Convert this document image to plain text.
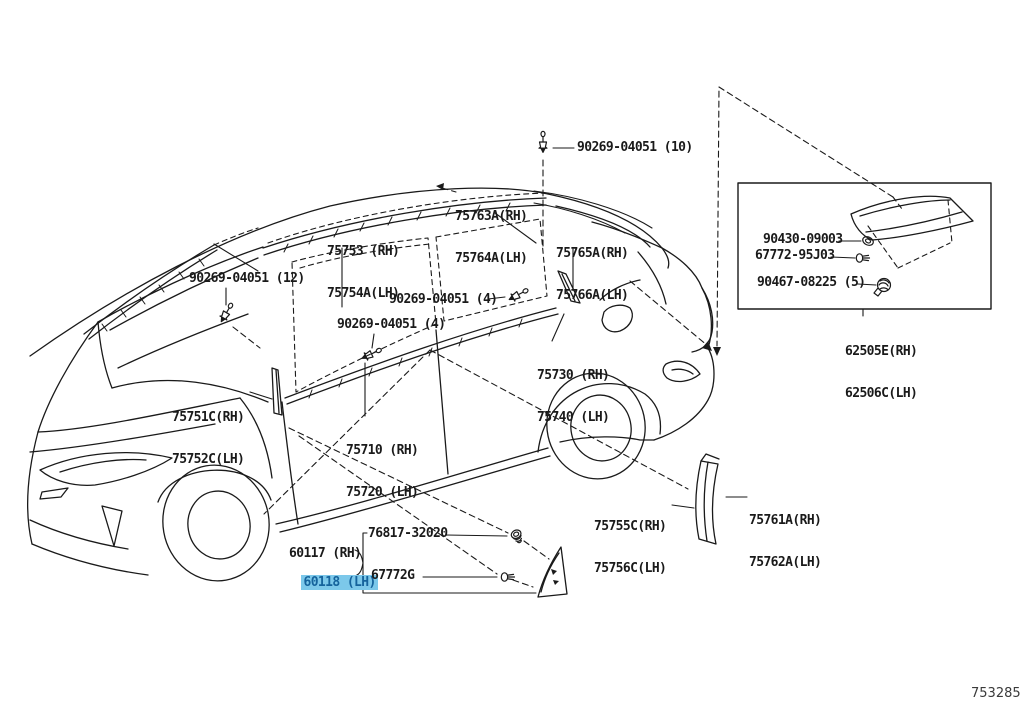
90269-04051 (10)

75763A(RH)

75764A(LH)

75753 (RH)

75754A(LH)

75765A(RH)

75766A(LH)

90269-04051 (12)
90269-04051 (4)
90269-04051 (4)

75730 (RH)

75740 (LH)

75751C(RH)

75752C(LH)

75710 (RH)

75720 (LH)

75755C(RH)

75756C(LH)

75761A(RH)

75762A(LH)

60117 (RH)

60118 (LH)

76817-32020
67772G
90430-09003
67772-95J03
90467-08225 (5)

62505E(RH)

62506C(LH)

753285
